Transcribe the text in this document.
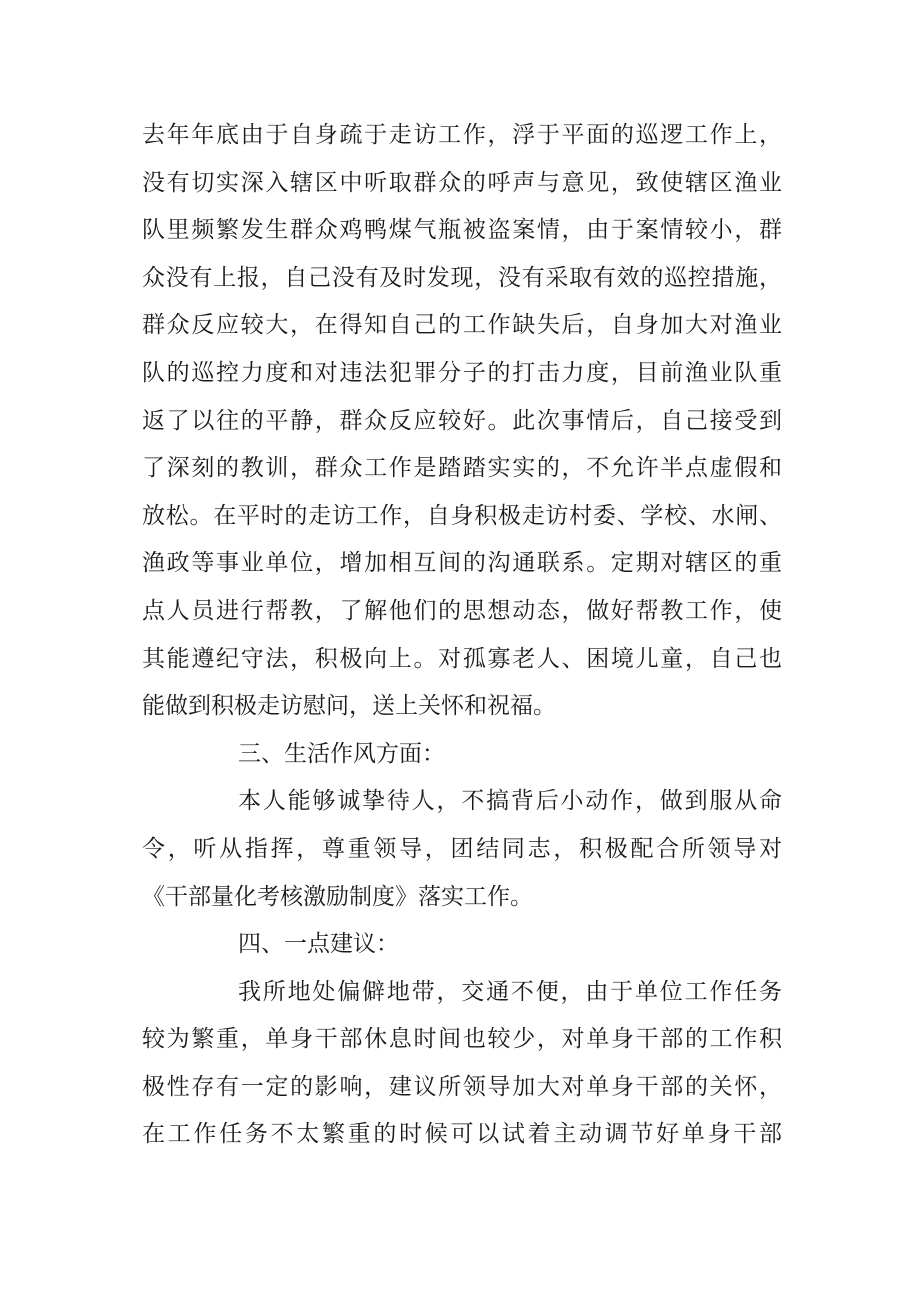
去年年底由于自身疏于走访工作，浮于平面的巡逻工作上，
没有切实深入辖区中听取群众的呼声与意见，致使辖区渔业
队里频繁发生群众鸡鸭煤气瓶被盗案情，由于案情较小，群
众没有上报，自己没有及时发现，没有采取有效的巡控措施，
群众反应较大，在得知自己的工作缺失后，自身加大对渔业
队的巡控力度和对违法犯罪分子的打击力度，目前渔业队重
返了以往的平静，群众反应较好。此次事情后，自己接受到
了深刻的教训，群众工作是踏踏实实的，不允许半点虚假和
放松。在平时的走访工作，自身积极走访村委、学校、水闸、
渔政等事业单位，增加相互间的沟通联系。定期对辖区的重
点人员进行帮教，了解他们的思想动态，做好帮教工作，使
其能遵纪守法，积极向上。对孤寡老人、困境儿童，自己也
能做到积极走访慰问，送上关怀和祝福。
三、生活作风方面：
本人能够诚挚待人，不搞背后小动作，做到服从命
令，听从指挥，尊重领导，团结同志，积极配合所领导对
《干部量化考核激励制度》落实工作。
四、一点建议：
我所地处偏僻地带，交通不便，由于单位工作任务
较为繁重，单身干部休息时间也较少，对单身干部的工作积
极性存有一定的影响，建议所领导加大对单身干部的关怀，
在工作任务不太繁重的时候可以试着主动调节好单身干部
